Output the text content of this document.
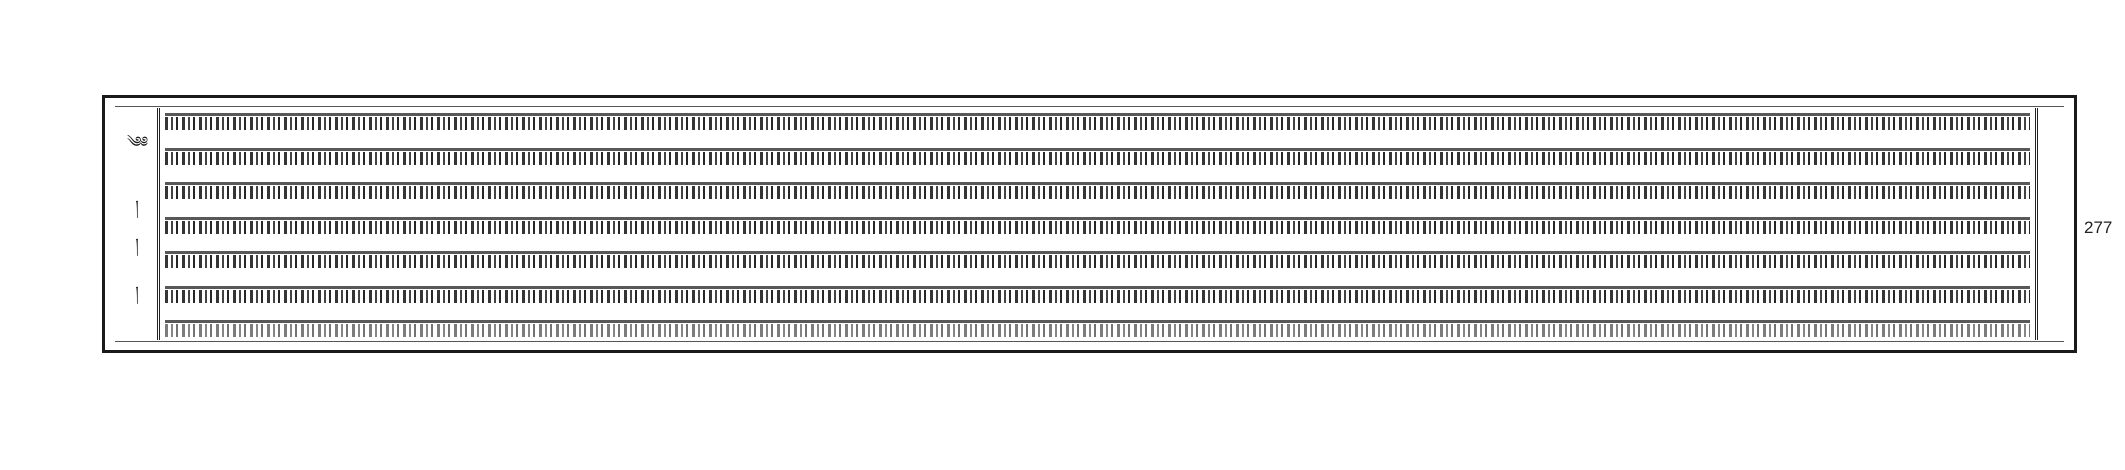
༄༅
།
།
།
277
